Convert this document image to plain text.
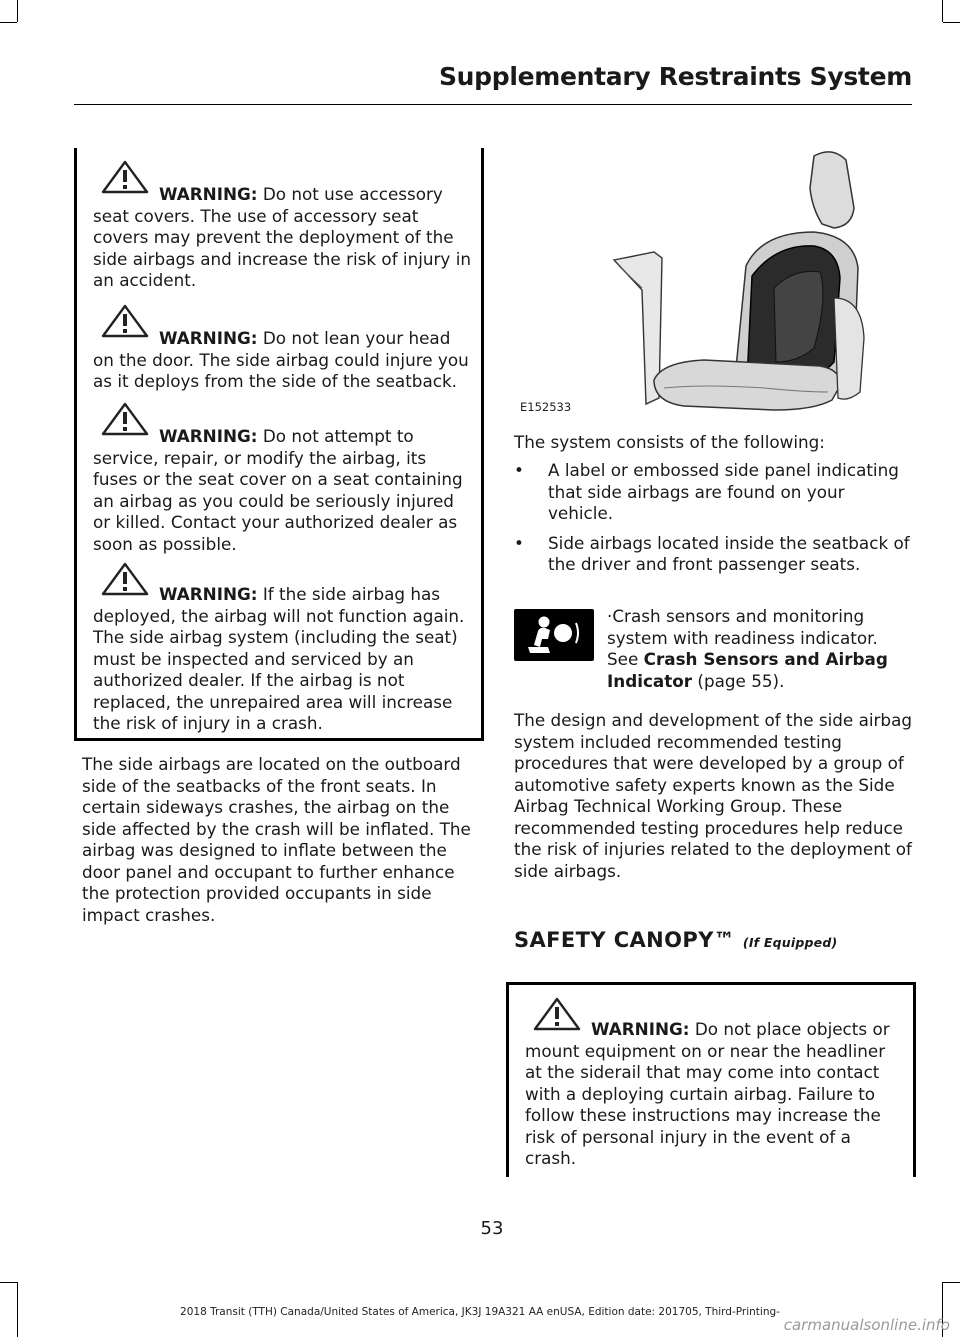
Supplementary Restraints System

WARNING: Do not use accessory
seat covers. The use of accessory seat covers may prevent the deployment of the side airbags and increase the risk of injury in an accident.

WARNING: Do not lean your head
on the door. The side airbag could injure you as it deploys from the side of the seatback.

WARNING: Do not attempt to
service, repair, or modify the airbag, its fuses or the seat cover on a seat containing an airbag as you could be seriously injured or killed. Contact your authorized dealer as soon as possible.

WARNING: If the side airbag has
deployed, the airbag will not function again. The side airbag system (including the seat) must be inspected and serviced by an authorized dealer. If the airbag is not replaced, the unrepaired area will increase the risk of injury in a crash.

The side airbags are located on the outboard side of the seatbacks of the front seats. In certain sideways crashes, the airbag on the side affected by the crash will be inflated. The airbag was designed to inflate between the door panel and occupant to further enhance the protection provided occupants in side impact crashes.

E152533

The system consists of the following:

• A label or embossed side panel indicating that side airbags are found on your vehicle.
• Side airbags located inside the seatback of the driver and front passenger seats.

·Crash sensors and monitoring system with readiness indicator. See Crash Sensors and Airbag Indicator (page 55).

The design and development of the side airbag system included recommended testing procedures that were developed by a group of automotive safety experts known as the Side Airbag Technical Working Group. These recommended testing procedures help reduce the risk of injuries related to the deployment of side airbags.

SAFETY CANOPY™ (If Equipped)

WARNING: Do not place objects or
mount equipment on or near the headliner at the siderail that may come into contact with a deploying curtain airbag. Failure to follow these instructions may increase the risk of personal injury in the event of a crash.

53
2018 Transit (TTH) Canada/United States of America, JK3J 19A321 AA enUSA, Edition date: 201705, Third-Printing-
carmanualsonline.info
